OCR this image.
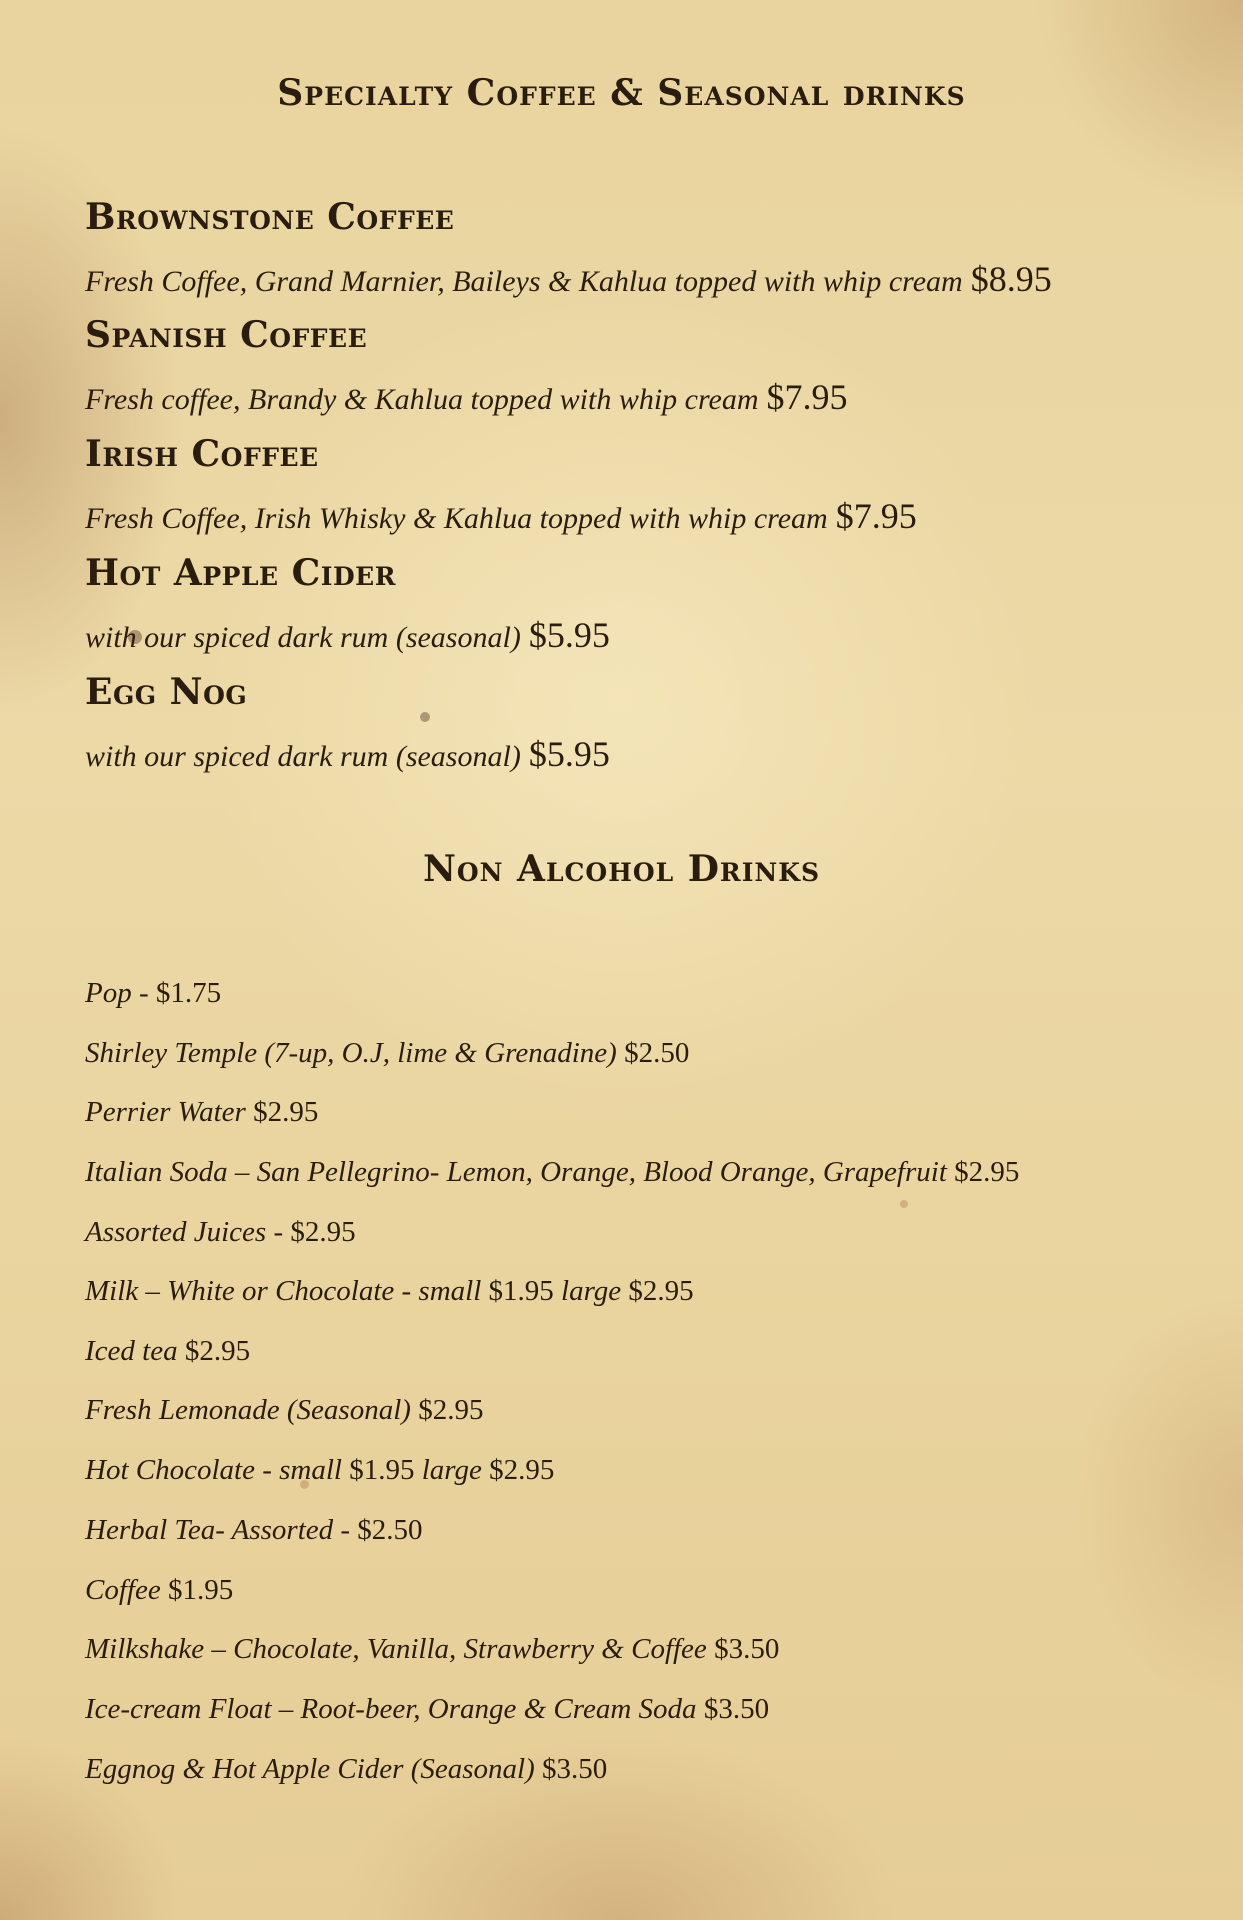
Specialty Coffee & Seasonal drinks
Brownstone Coffee
Fresh Coffee, Grand Marnier, Baileys & Kahlua topped with whip cream $8.95
Spanish Coffee
Fresh coffee, Brandy & Kahlua topped with whip cream $7.95
Irish Coffee
Fresh Coffee, Irish Whisky & Kahlua topped with whip cream $7.95
Hot Apple Cider
with our spiced dark rum (seasonal) $5.95
Egg Nog
with our spiced dark rum (seasonal) $5.95
Non Alcohol Drinks
Pop - $1.75
Shirley Temple (7-up, O.J, lime & Grenadine) $2.50
Perrier Water $2.95
Italian Soda – San Pellegrino- Lemon, Orange, Blood Orange, Grapefruit $2.95
Assorted Juices - $2.95
Milk – White or Chocolate - small $1.95 large $2.95
Iced tea $2.95
Fresh Lemonade (Seasonal) $2.95
Hot Chocolate - small $1.95 large $2.95
Herbal Tea- Assorted - $2.50
Coffee $1.95
Milkshake – Chocolate, Vanilla, Strawberry & Coffee $3.50
Ice-cream Float – Root-beer, Orange & Cream Soda $3.50
Eggnog & Hot Apple Cider (Seasonal) $3.50
